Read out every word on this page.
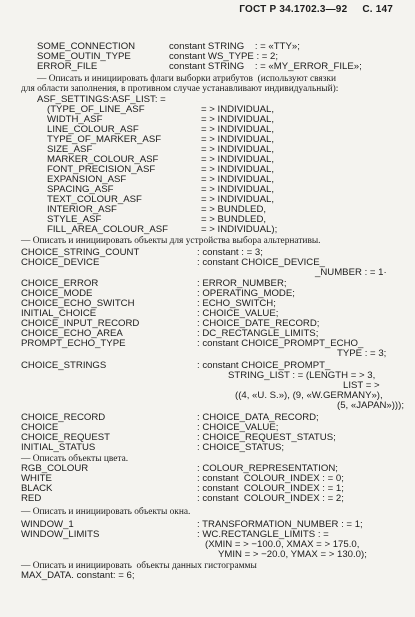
ГОСТ Р 34.1702.3—92 С. 147
SOME_CONNECTION	constant STRING    : = «TTY»;
SOME_OUTIN_TYPE	constant WS_TYPE : = 2;
ERROR_FILE	constant STRING    : = «MY_ERROR_FILE»;
— Описать и инициировать флаги выборки атрибутов  (используют связки
для области заполнения, в противном случае устанавливают индивидуальный):
ASF_SETTINGS:ASF_LIST: =
(TYPE_OF_LINE_ASF	= > INDIVIDUAL,
WIDTH_ASF	= > INDIVIDUAL,
LINE_COLOUR_ASF	= > INDIVIDUAL,
TYPE_OF_MARKER_ASF	= > INDIVIDUAL,
SIZE_ASF	= > INDIVIDUAL,
MARKER_COLOUR_ASF	= > INDIVIDUAL,
FONT_PRECISION_ASF	= > INDIVIDUAL,
EXPANSION_ASF	= > INDIVIDUAL,
SPACING_ASF	= > INDIVIDUAL,
TEXT_COLOUR_ASF	= > INDIVIDUAL,
INTERIOR_ASF	= > BUNDLED,
STYLE_ASF	= > BUNDLED,
FILL_AREA_COLOUR_ASF	= > INDIVIDUAL);
— Описать и инициировать объекты для устройства выбора альтернативы.
CHOICE_STRING_COUNT	: constant : = 3;
CHOICE_DEVICE	: constant CHOICE_DEVICE_
_NUMBER : = 1·
CHOICE_ERROR	: ERROR_NUMBER;
CHOICE_MODE	: OPERATING_MODE;
CHOICE_ECHO_SWITCH	: ECHO_SWITCH;
INITIAL_CHOICE	: CHOICE_VALUE;
CHOICE_INPUT_RECORD	: CHOICE_DATE_RECORD;
CHOICE_ECHO_AREA	: DC_RECTANGLE_LIMITS;
PROMPT_ECHO_TYPE	: constant CHOICE_PROMPT_ECHO_
TYPE : = 3;
CHOICE_STRINGS	: constant CHOICE_PROMPT_
STRING_LIST : = (LENGTH = > 3,
LIST = >
((4, «U. S.»), (9, «W.GERMANY»),
(5, «JAPAN»)));
CHOICE_RECORD	: CHOICE_DATA_RECORD;
CHOICE	: CHOICE_VALUE;
CHOICE_REQUEST	: CHOICE_REQUEST_STATUS;
INITIAL_STATUS	: CHOICE_STATUS;
— Описать объекты цвета.
RGB_COLOUR	: COLOUR_REPRESENTATION;
WHITE	: constant  COLOUR_INDEX : = 0;
BLACK	: constant  COLOUR_INDEX : = 1;
RED	: constant  COLOUR_INDEX : = 2;
— Описать и инициировать объекты окна.
WINDOW_1	: TRANSFORMATION_NUMBER : = 1;
WINDOW_LIMITS	: WC.RECTANGLE_LIMITS : =
(XMIN = > −100.0, XMAX = > 175.0,
YMIN = > −20.0, YMAX = > 130.0);
— Описать и инициировать  объекты данных гистограммы
MAX_DATA. constant: = 6;
